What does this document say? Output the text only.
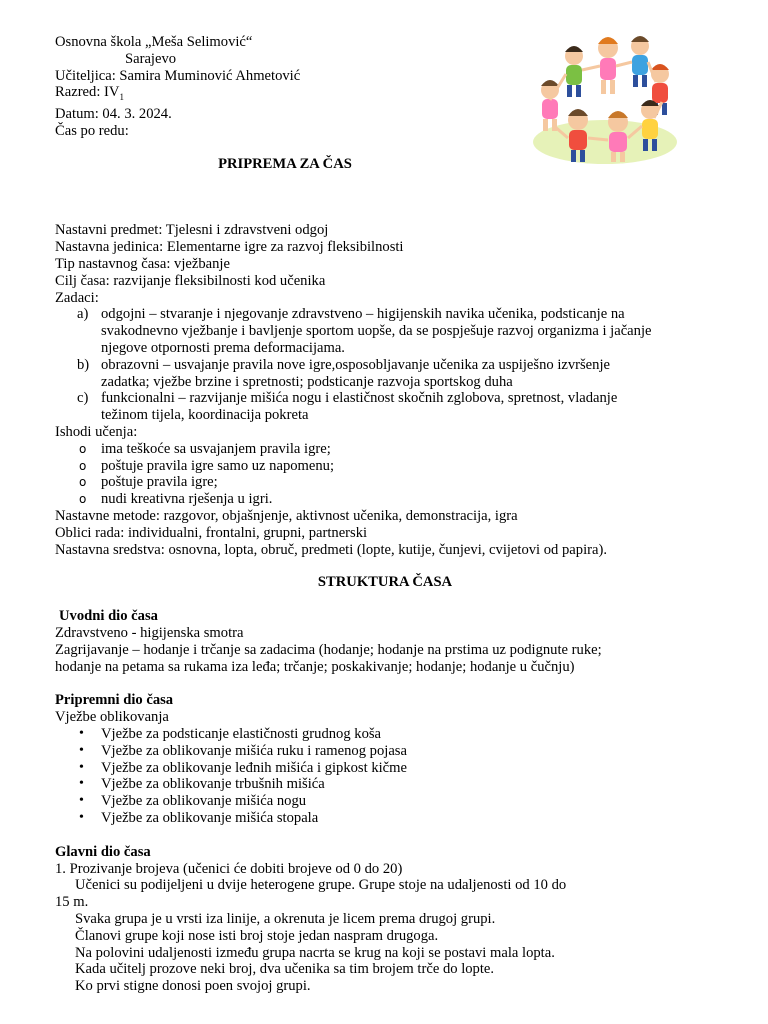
Osnovna škola „Meša Selimović“
Sarajevo
Učiteljica: Samira Muminović Ahmetović
Razred: $IV_1$
Datum: 04. 3. 2024.
Čas po redu:
PRIPREMA ZA ČAS
Nastavni predmet: Tjelesni i zdravstveni odgoj
Nastavna jedinica: Elementarne igre za razvoj fleksibilnosti
Tip nastavnog časa: vježbanje
Cilj časa: razvijanje fleksibilnosti kod učenika
Zadaci:
a) odgojni – stvaranje i njegovanje zdravstveno – higijenskih navika učenika, podsticanje na
svakodnevno vježbanje i bavljenje sportom uopše, da se pospješuje razvoj organizma i jačanje
njegove otpornosti prema deformacijama.
b) obrazovni – usvajanje pravila nove igre,osposobljavanje učenika za uspiješno izvršenje
zadatka; vježbe brzine i spretnosti; podsticanje razvoja sportskog duha
c) funkcionalni – razvijanje mišića nogu i elastičnost skočnih zglobova, spretnost, vladanje
težinom tijela, koordinacija pokreta
Ishodi učenja:
o ima teškoće sa usvajanjem pravila igre;
o poštuje pravila igre samo uz napomenu;
o poštuje pravila igre;
o nudi kreativna rješenja u igri.
Nastavne metode: razgovor, objašnjenje, aktivnost učenika, demonstracija, igra
Oblici rada: individualni, frontalni, grupni, partnerski
Nastavna sredstva: osnovna, lopta, obruč, predmeti (lopte, kutije, čunjevi, cvijetovi od papira).
STRUKTURA ČASA
Uvodni dio časa
Zdravstveno - higijenska smotra
Zagrijavanje – hodanje i trčanje sa zadacima (hodanje; hodanje na prstima uz podignute ruke;
hodanje na petama sa rukama iza leđa; trčanje; poskakivanje; hodanje; hodanje u čučnju)
Pripremni dio časa
Vježbe oblikovanja
• Vježbe za podsticanje elastičnosti grudnog koša
• Vježbe za oblikovanje mišića ruku i ramenog pojasa
• Vježbe za oblikovanje leđnih mišića i gipkost kičme
• Vježbe za oblikovanje trbušnih mišića
• Vježbe za oblikovanje mišića nogu
• Vježbe za oblikovanje mišića stopala
Glavni dio časa
1. Prozivanje brojeva (učenici će dobiti brojeve od 0 do 20)
Učenici su podijeljeni u dvije heterogene grupe. Grupe stoje na udaljenosti od 10 do
15 m.
Svaka grupa je u vrsti iza linije, a okrenuta je licem prema drugoj grupi.
Članovi grupe koji nose isti broj stoje jedan naspram drugoga.
Na polovini udaljenosti između grupa nacrta se krug na koji se postavi mala lopta.
Kada učitelj prozove neki broj, dva učenika sa tim brojem trče do lopte.
Ko prvi stigne donosi poen svojoj grupi.
